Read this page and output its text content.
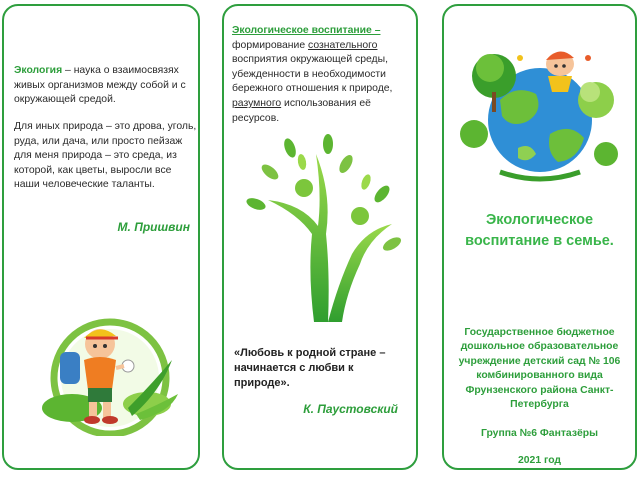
Экология – наука о взаимосвязях живых организмов между собой и с окружающей средой.
Для иных природа – это дрова, уголь, руда, или дача, или просто пейзаж для меня природа – это среда, из которой, как цветы, выросли все наши человеческие таланты.
М. Пришвин
Экологическое воспитание –
формирование сознательного восприятия окружающей среды, убежденности в необходимости бережного отношения к природе, разумного использования её ресурсов.
«Любовь к родной стране – начинается с любви к природе».
К. Паустовский
Экологическое воспитание в семье.
Государственное бюджетное дошкольное образовательное учреждение детский сад № 106 комбинированного вида Фрунзенского района Санкт-Петербурга
Группа №6 Фантазёры
2021 год
